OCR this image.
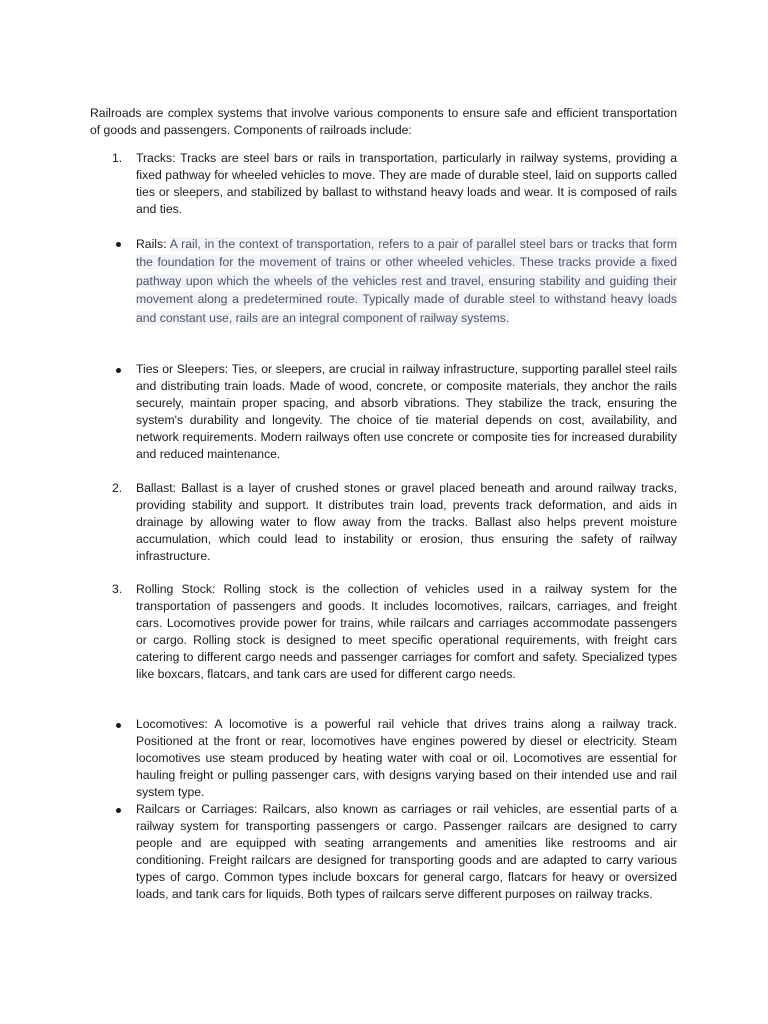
Railroads are complex systems that involve various components to ensure safe and efficient transportation of goods and passengers. Components of railroads include:

1. Tracks: Tracks are steel bars or rails in transportation, particularly in railway systems, providing a fixed pathway for wheeled vehicles to move. They are made of durable steel, laid on supports called ties or sleepers, and stabilized by ballast to withstand heavy loads and wear. It is composed of rails and ties.
Rails: A rail, in the context of transportation, refers to a pair of parallel steel bars or tracks that form the foundation for the movement of trains or other wheeled vehicles. These tracks provide a fixed pathway upon which the wheels of the vehicles rest and travel, ensuring stability and guiding their movement along a predetermined route. Typically made of durable steel to withstand heavy loads and constant use, rails are an integral component of railway systems.
Ties or Sleepers: Ties, or sleepers, are crucial in railway infrastructure, supporting parallel steel rails and distributing train loads. Made of wood, concrete, or composite materials, they anchor the rails securely, maintain proper spacing, and absorb vibrations. They stabilize the track, ensuring the system's durability and longevity. The choice of tie material depends on cost, availability, and network requirements. Modern railways often use concrete or composite ties for increased durability and reduced maintenance.
2. Ballast: Ballast is a layer of crushed stones or gravel placed beneath and around railway tracks, providing stability and support. It distributes train load, prevents track deformation, and aids in drainage by allowing water to flow away from the tracks. Ballast also helps prevent moisture accumulation, which could lead to instability or erosion, thus ensuring the safety of railway infrastructure.
3. Rolling Stock: Rolling stock is the collection of vehicles used in a railway system for the transportation of passengers and goods. It includes locomotives, railcars, carriages, and freight cars. Locomotives provide power for trains, while railcars and carriages accommodate passengers or cargo. Rolling stock is designed to meet specific operational requirements, with freight cars catering to different cargo needs and passenger carriages for comfort and safety. Specialized types like boxcars, flatcars, and tank cars are used for different cargo needs.
Locomotives: A locomotive is a powerful rail vehicle that drives trains along a railway track. Positioned at the front or rear, locomotives have engines powered by diesel or electricity. Steam locomotives use steam produced by heating water with coal or oil. Locomotives are essential for hauling freight or pulling passenger cars, with designs varying based on their intended use and rail system type.
Railcars or Carriages: Railcars, also known as carriages or rail vehicles, are essential parts of a railway system for transporting passengers or cargo. Passenger railcars are designed to carry people and are equipped with seating arrangements and amenities like restrooms and air conditioning. Freight railcars are designed for transporting goods and are adapted to carry various types of cargo. Common types include boxcars for general cargo, flatcars for heavy or oversized loads, and tank cars for liquids. Both types of railcars serve different purposes on railway tracks.
